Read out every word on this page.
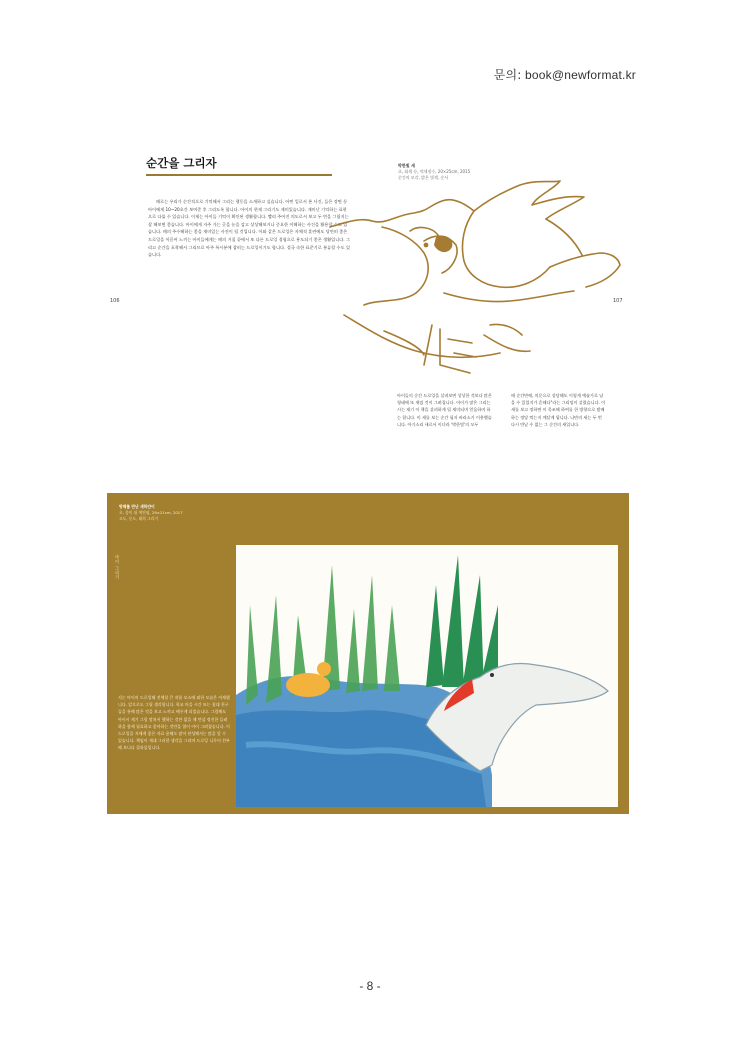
문의: book@newformat.kr
순간을 그리자
때로는 우리가 순간적으로 기억해서 그리는 행동을 소개하고 싶습니다. 어떤 일로서 본 사건, 들은 장면 등 아이에게 10~20초간 보여준 후 그리도록 합니다. 아이의 현재 그리기도 재미있습니다. 재미난 기억하는 표현으로 다룰 수 있습니다. 이제는 아이들 기억이 확인된 생활합니다. 빨리 주어진 의도로서 보고 두 번을 그릴지는 잘 해보면 좋습니다. 아이에게 자주 가는 곳을 눈을 감고 상상해보거나 중요한 이해하는 사건을 활용할 수도 있습니다. 매의 주수해하는 좋을 재미있는 사진이 될 것입니다. 이와 같은 드로잉은 자체적 훈련에도 당연히 좋은 드로잉을 이끌어 느끼는 아이들에게는 매의 거칠 끝에서 또 다른 드로잉 경험으로 용도되기 좋은 생활입니다. 그리고 순간을 포착해서 그리므로 아주 특시분에 잡히는 드로잉이기도 합니다. 결국 속한 표준기로 분류할 수도 있습니다.
106	107
박한빛 새
초, 회색 등, 먹색점수, 20×25cm, 2015
순간의 모각, 밝은 빛색, 순서
아이들의 순간 드로잉을 살펴보면 상상한 것보다 많은 형태에 또 재밌 것이 그려집니다. 아이가 많은 그리는 시는 재기 이 책을 살펴하게 될 재미되며 얻음하며 하는 합니다. 이 새를 보는 순간 필자 바라소기 이흥했습니다. 아기소리 새로서 이녀라 '박한빛'의 모두
매 순간만에, 의문으로 상담해도 이렇게 예술가로 남을 수 있었지가 흔해다"라는 그리밍이 살렸습니다. 이 새를 보고 정하면 이 목조해 하여를 한 방향으로 밤배하는 정당 먹는지 깨달게 됩니다. 나만의 새는 두 번 다시 만날 수 없는 그 순간의 새입니다.
방해를 만난 새하얀이
초, 종이 위 색연필, 29×21cm, 2017
고도, 동도, 태희 그리기
마이 그리기
지는 마이의 드로잉해 전체할 큰 작품 모소에 와한 모습은 이제했니다. 앞으로도 그릴 생각합니다. 학교 마을 시간 또는 침대 친구들을 통해 많은 것을 보고 느끼고 배우게 되었습니다. 그림해도 아이시 제기 그림 깜처서 했하는 것만 없을 때 만삼 정진한 들려하을 함께 필요하고 좋아하는 것만을 열어 아이 그려졌습니다. 이 드로잉을 저에게 좋은 자료 용해도 많이 단성해서는 많을 알 수 있습니다. 책임이 제대 그러한 생각을 그리며 드로잉 니무이 친부해 보니다 결과물입니다.
- 8 -
